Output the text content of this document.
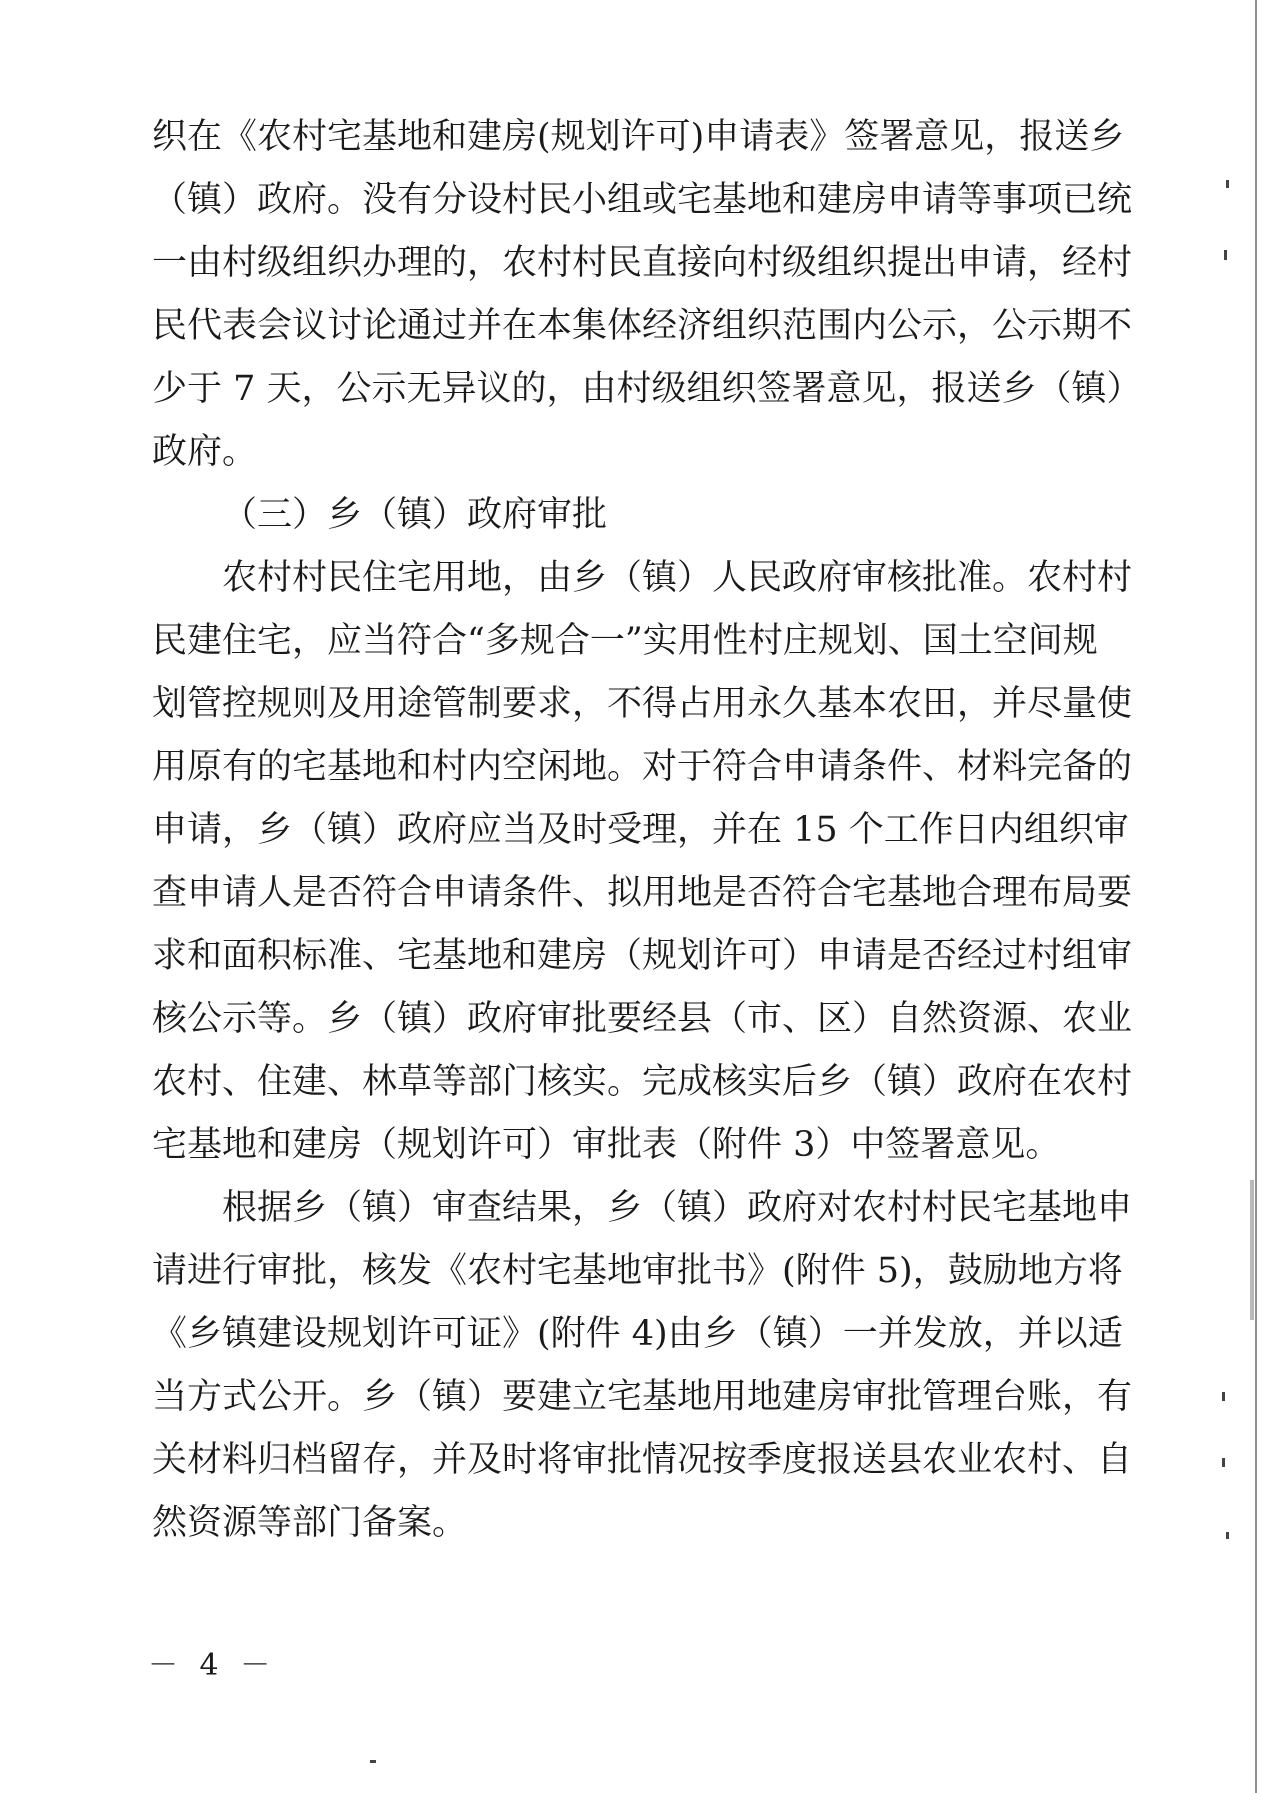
织在《农村宅基地和建房(规划许可)申请表》签署意见，报送乡
（镇）政府。没有分设村民小组或宅基地和建房申请等事项已统
一由村级组织办理的，农村村民直接向村级组织提出申请，经村
民代表会议讨论通过并在本集体经济组织范围内公示，公示期不
少于 7 天，公示无异议的，由村级组织签署意见，报送乡（镇）
政府。
（三）乡（镇）政府审批
农村村民住宅用地，由乡（镇）人民政府审核批准。农村村
民建住宅，应当符合“多规合一”实用性村庄规划、国土空间规
划管控规则及用途管制要求，不得占用永久基本农田，并尽量使
用原有的宅基地和村内空闲地。对于符合申请条件、材料完备的
申请，乡（镇）政府应当及时受理，并在 15 个工作日内组织审
查申请人是否符合申请条件、拟用地是否符合宅基地合理布局要
求和面积标准、宅基地和建房（规划许可）申请是否经过村组审
核公示等。乡（镇）政府审批要经县（市、区）自然资源、农业
农村、住建、林草等部门核实。完成核实后乡（镇）政府在农村
宅基地和建房（规划许可）审批表（附件 3）中签署意见。
根据乡（镇）审查结果，乡（镇）政府对农村村民宅基地申
请进行审批，核发《农村宅基地审批书》(附件 5)，鼓励地方将
《乡镇建设规划许可证》(附件 4)由乡（镇）一并发放，并以适
当方式公开。乡（镇）要建立宅基地用地建房审批管理台账，有
关材料归档留存，并及时将审批情况按季度报送县农业农村、自
然资源等部门备案。
－ 4 －
